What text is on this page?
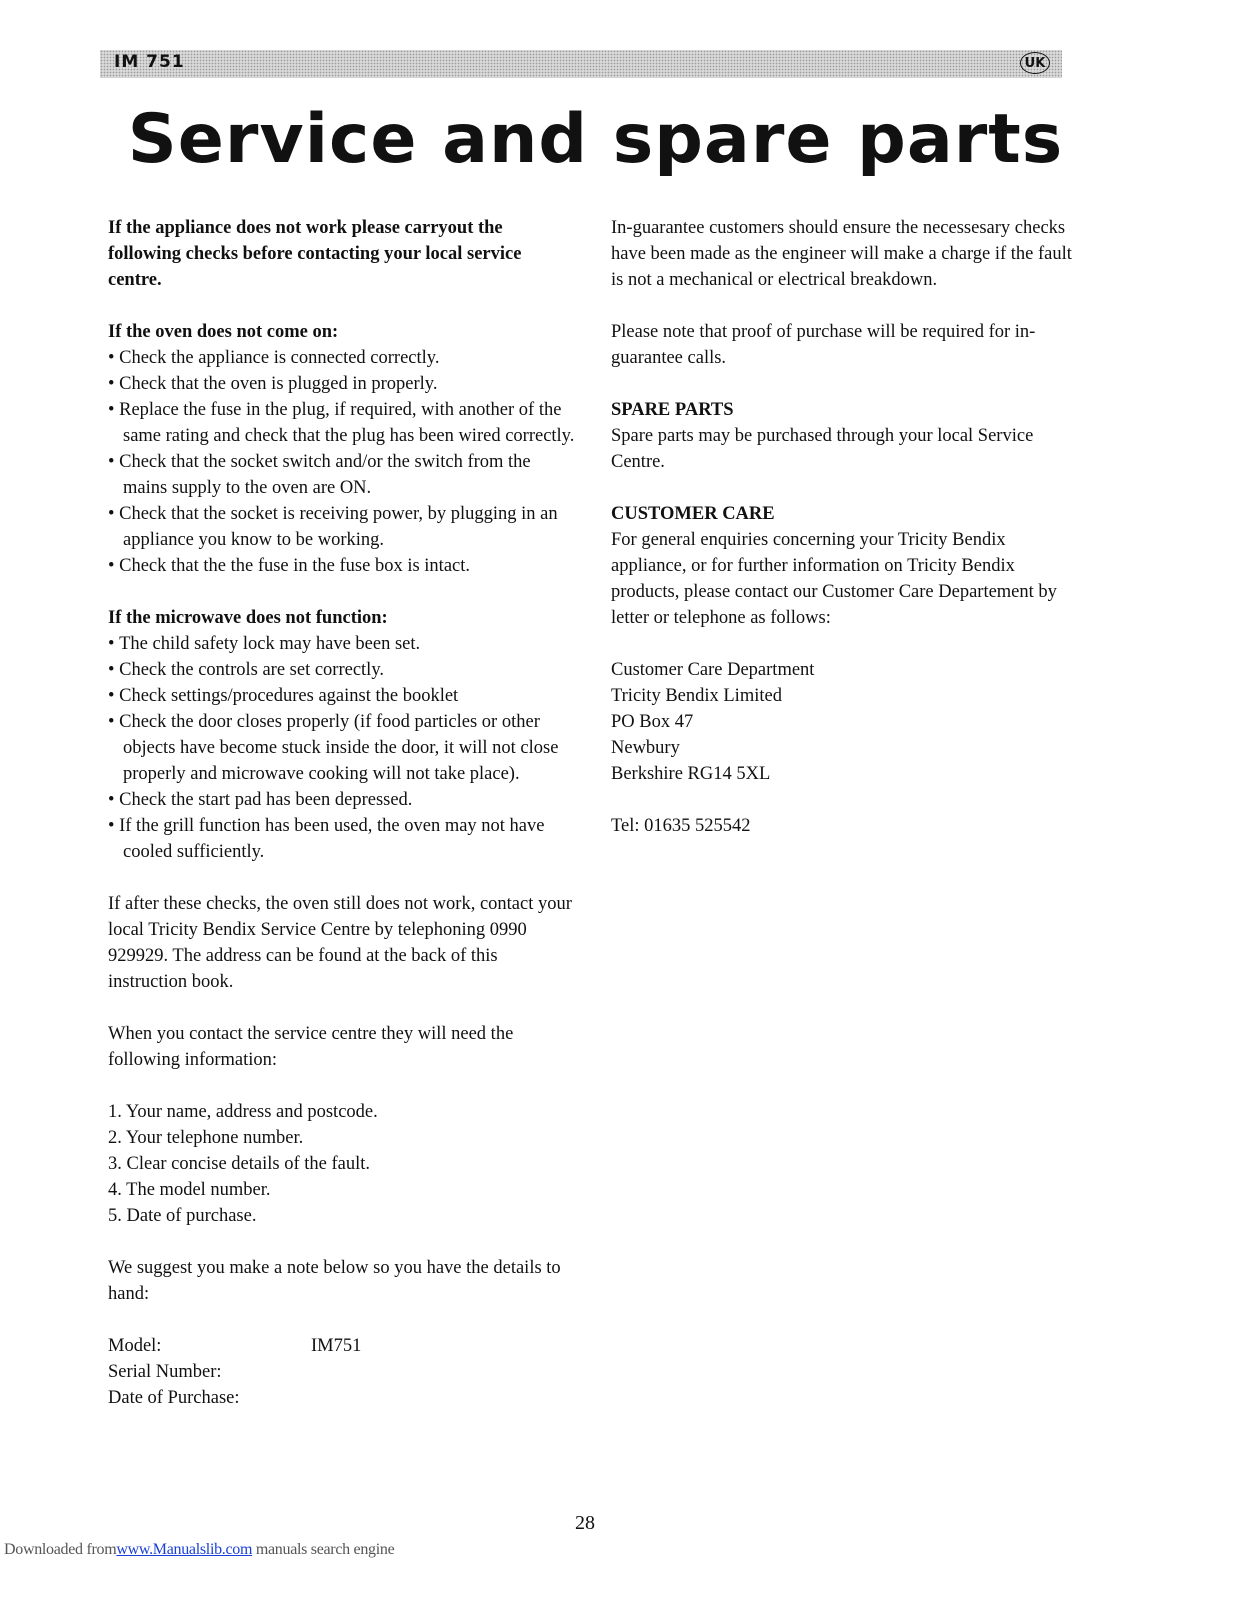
IM 751	UK
Service and spare parts

If the appliance does not work please carryout the following checks before contacting your local service centre.

If the oven does not come on:

• Check the appliance is connected correctly.
• Check that the oven is plugged in properly.
• Replace the fuse in the plug, if required, with another of the same rating and check that the plug has been wired correctly.
• Check that the socket switch and/or the switch from the mains supply to the oven are ON.
• Check that the socket is receiving power, by plugging in an appliance you know to be working.
• Check that the the fuse in the fuse box is intact.

If the microwave does not function:

• The child safety lock may have been set.
• Check the controls are set correctly.
• Check settings/procedures against the booklet
• Check the door closes properly (if food particles or other objects have become stuck inside the door, it will not close properly and microwave cooking will not take place).
• Check the start pad has been depressed.
• If the grill function has been used, the oven may not have cooled sufficiently.

If after these checks, the oven still does not work, contact your local Tricity Bendix Service Centre by telephoning 0990 929929. The address can be found at the back of this instruction book.

When you contact the service centre they will need the following information:

1. Your name, address and postcode.

2. Your telephone number.

3. Clear concise details of the fault.

4. The model number.

5. Date of purchase.

We suggest you make a note below so you have the details to hand:

Model:	IM751
Serial Number:
Date of Purchase:

In-guarantee customers should ensure the necessesary checks have been made as the engineer will make a charge if the fault is not a mechanical or electrical breakdown.

Please note that proof of purchase will be required for in-guarantee calls.

SPARE PARTS

Spare parts may be purchased through your local Service Centre.

CUSTOMER CARE

For general enquiries concerning your Tricity Bendix appliance, or for further information on Tricity Bendix products, please contact our Customer Care Departement by letter or telephone as follows:

Customer Care Department

Tricity Bendix Limited

PO Box 47

Newbury

Berkshire RG14 5XL

Tel: 01635 525542

28
Downloaded fromwww.Manualslib.com manuals search engine
